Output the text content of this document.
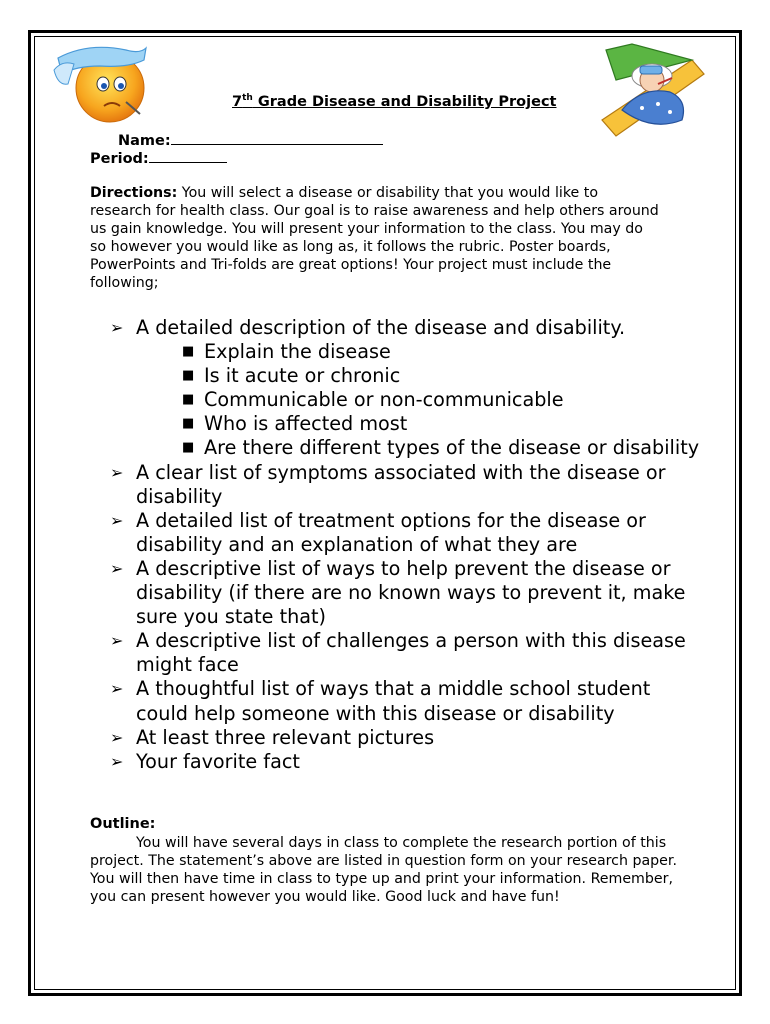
7th Grade Disease and Disability Project
Name:
Period:
Directions: You will select a disease or disability that you would like to research for health class. Our goal is to raise awareness and help others around us gain knowledge. You will present your information to the class. You may do so however you would like as long as, it follows the rubric. Poster boards, PowerPoints and Tri-folds are great options! Your project must include the following;
➢ A detailed description of the disease and disability.
■ Explain the disease
■ Is it acute or chronic
■ Communicable or non-communicable
■ Who is affected most
■ Are there different types of the disease or disability
➢ A clear list of symptoms associated with the disease or disability
➢ A detailed list of treatment options for the disease or disability and an explanation of what they are
➢ A descriptive list of ways to help prevent the disease or disability (if there are no known ways to prevent it, make sure you state that)
➢ A descriptive list of challenges a person with this disease might face
➢ A thoughtful list of ways that a middle school student could help someone with this disease or disability
➢ At least three relevant pictures
➢ Your favorite fact
Outline:
You will have several days in class to complete the research portion of this project. The statement’s above are listed in question form on your research paper. You will then have time in class to type up and print your information. Remember, you can present however you would like. Good luck and have fun!
